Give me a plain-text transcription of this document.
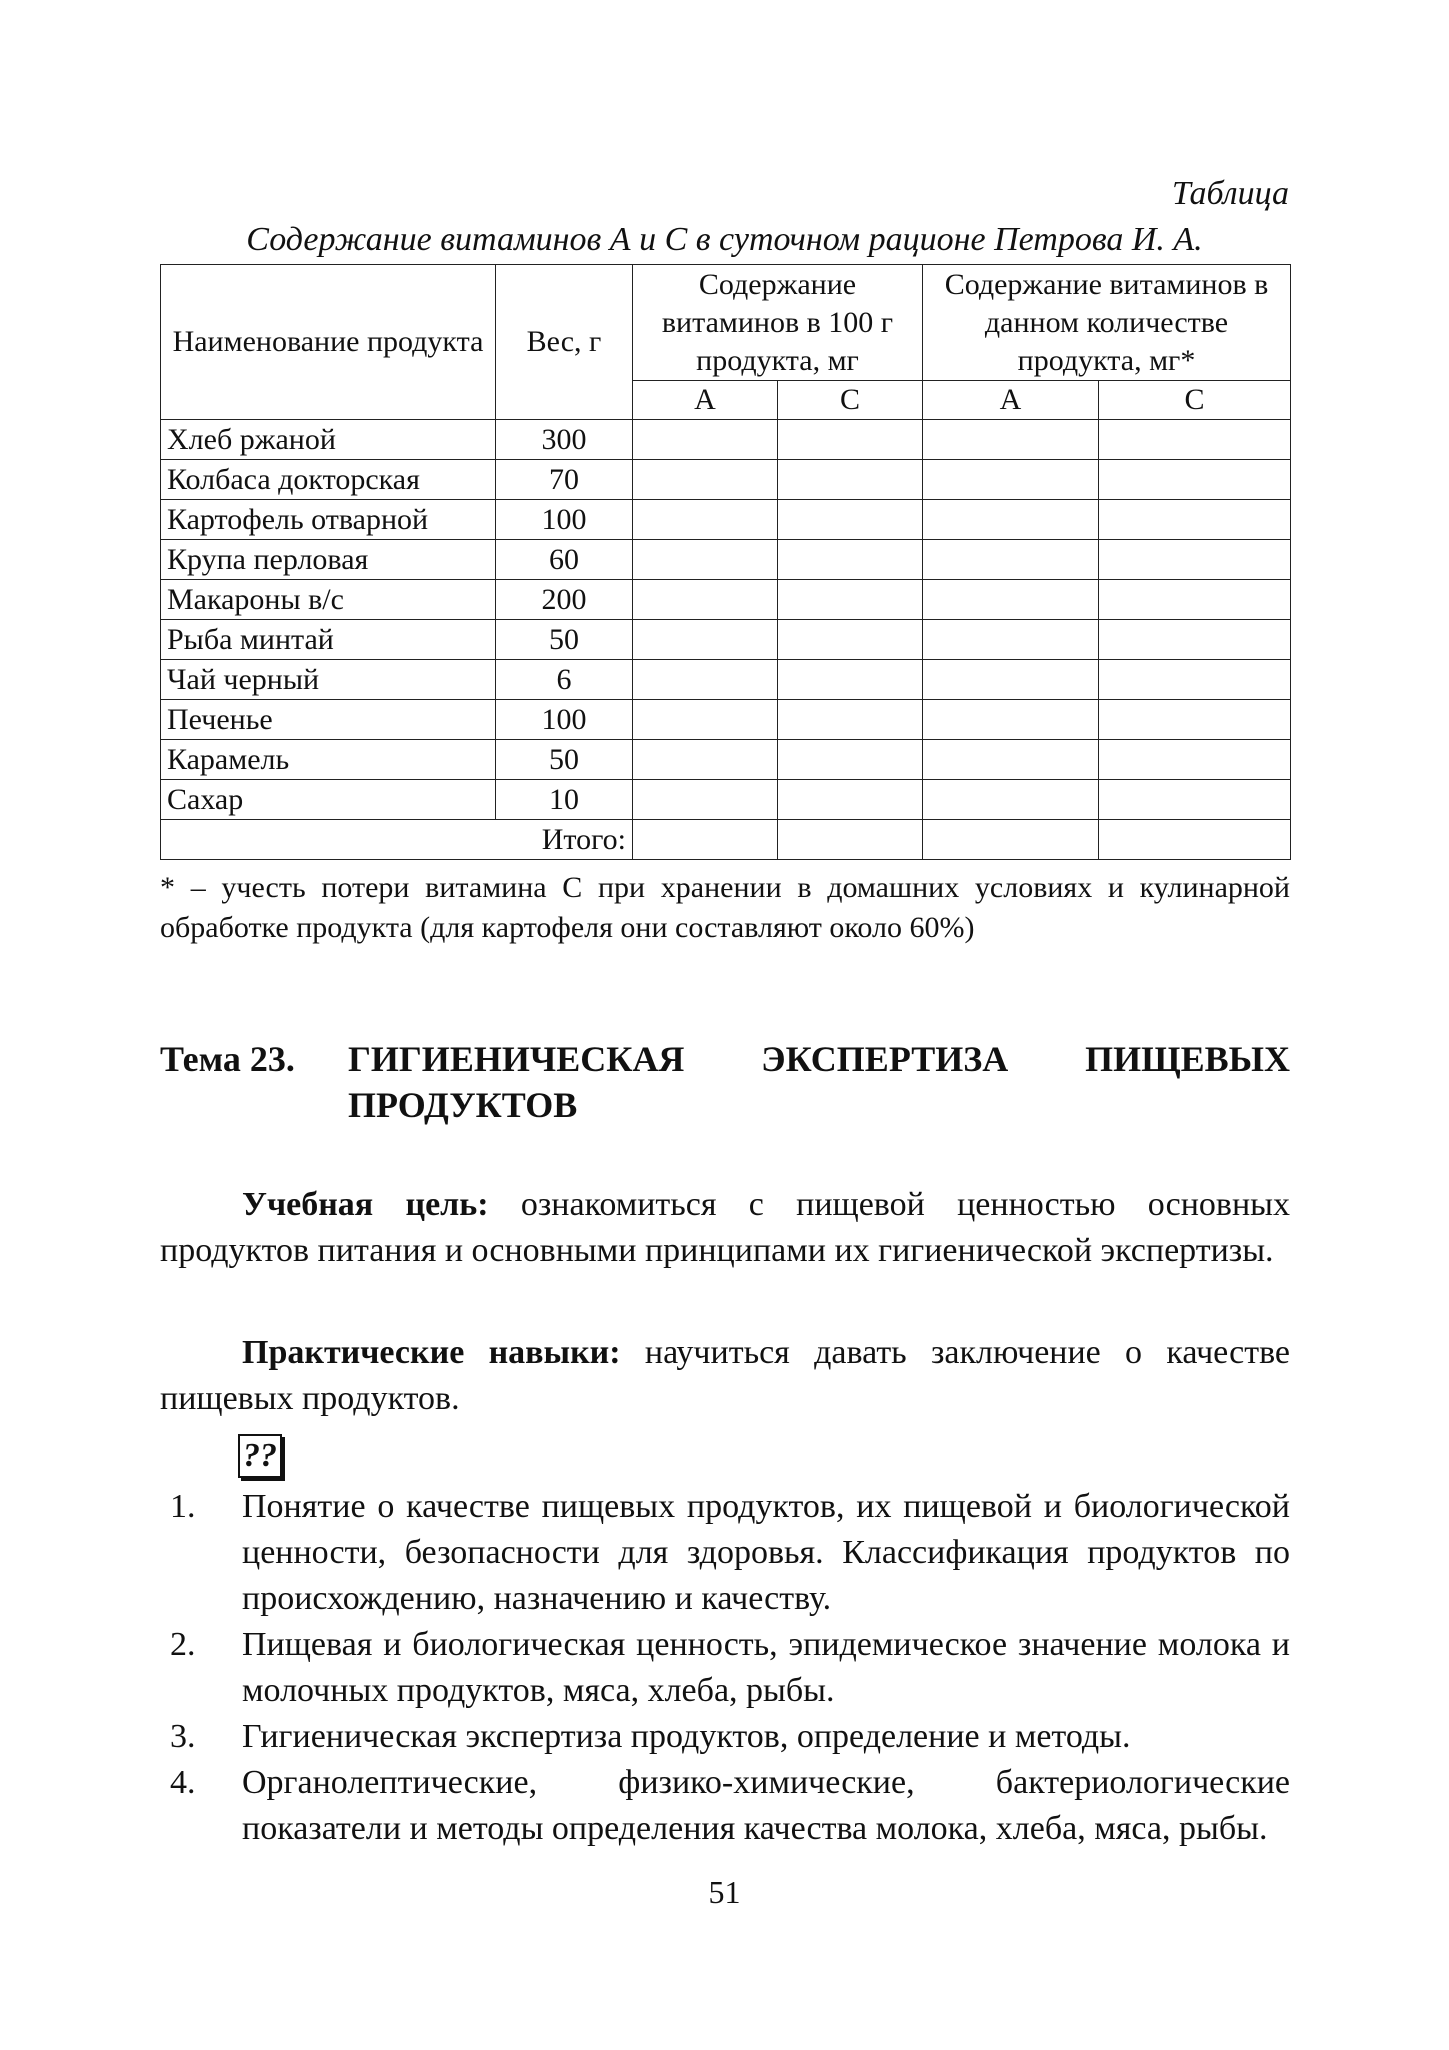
Таблица
Содержание витаминов А и С в суточном рационе Петрова И. А.
Наименование продукта	Вес, г	Содержание витаминов в 100 г продукта, мг		Содержание витаминов в данном количестве продукта, мг*	
		А	С	А	С
Хлеб ржаной	300				
Колбаса докторская	70				
Картофель отварной	100				
Крупа перловая	60				
Макароны в/с	200				
Рыба минтай	50				
Чай черный	6				
Печенье	100				
Карамель	50				
Сахар	10				
Итого:					
* – учесть потери витамина С при хранении в домашних условиях и кулинарной обработке продукта (для картофеля они составляют около 60%)
Тема 23. ГИГИЕНИЧЕСКАЯ ЭКСПЕРТИЗА ПИЩЕВЫХ
ПРОДУКТОВ
Учебная цель: ознакомиться с пищевой ценностью основных продуктов питания и основными принципами их гигиенической экспертизы.
Практические навыки: научиться давать заключение о качестве пищевых продуктов.
??
1. Понятие о качестве пищевых продуктов, их пищевой и биологической ценности, безопасности для здоровья. Классификация продуктов по происхождению, назначению и качеству.
2. Пищевая и биологическая ценность, эпидемическое значение молока и молочных продуктов, мяса, хлеба, рыбы.
3. Гигиеническая экспертиза продуктов, определение и методы.
4. Органолептические, физико-химические, бактериологические показатели и методы определения качества молока, хлеба, мяса, рыбы.
51
